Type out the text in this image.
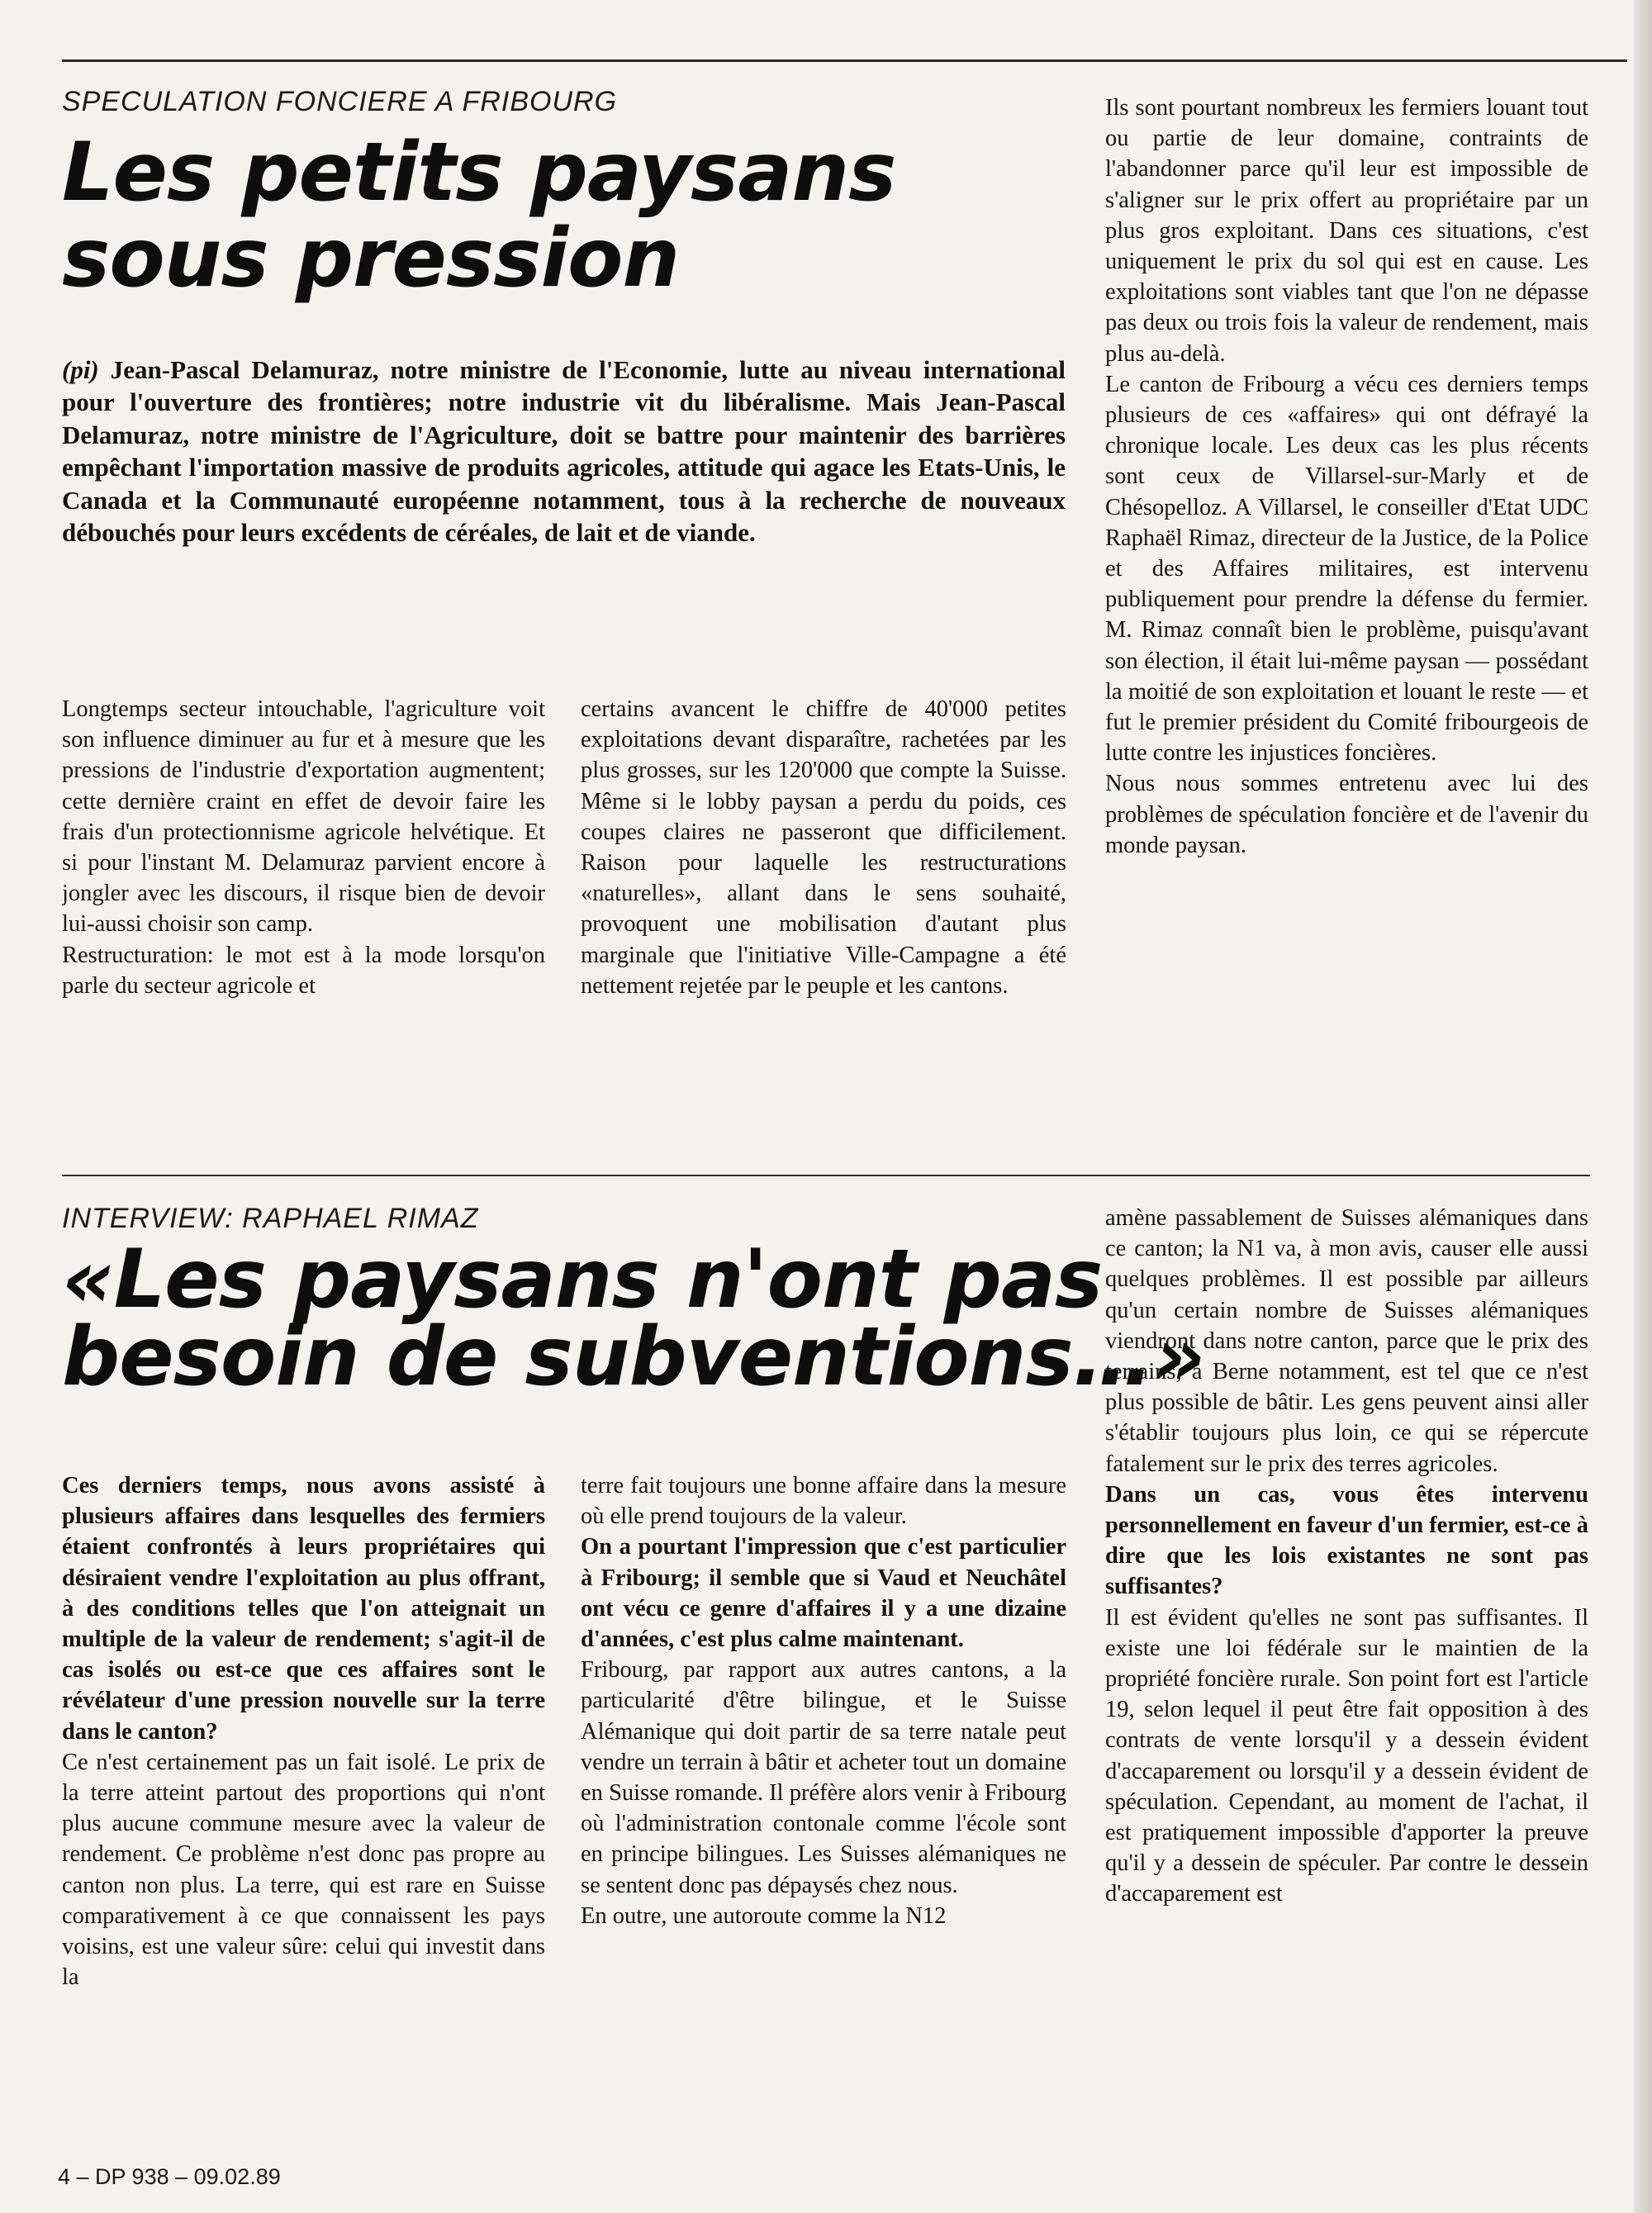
SPECULATION FONCIERE A FRIBOURG
Les petits paysans
sous pression
(pi) Jean-Pascal Delamuraz, notre ministre de l'Economie, lutte au niveau international pour l'ouverture des frontières; notre industrie vit du libéralisme. Mais Jean-Pascal Delamuraz, notre ministre de l'Agriculture, doit se battre pour maintenir des barrières empêchant l'importation massive de produits agricoles, attitude qui agace les Etats-Unis, le Canada et la Communauté européenne notamment, tous à la recherche de nouveaux débouchés pour leurs excédents de céréales, de lait et de viande.

Longtemps secteur intouchable, l'agriculture voit son influence diminuer au fur et à mesure que les pressions de l'industrie d'exportation augmentent; cette dernière craint en effet de devoir faire les frais d'un protectionnisme agricole helvétique. Et si pour l'instant M. Delamuraz parvient encore à jongler avec les discours, il risque bien de devoir lui-aussi choisir son camp.

Restructuration: le mot est à la mode lorsqu'on parle du secteur agricole et

certains avancent le chiffre de 40'000 petites exploitations devant disparaître, rachetées par les plus grosses, sur les 120'000 que compte la Suisse. Même si le lobby paysan a perdu du poids, ces coupes claires ne passeront que difficilement. Raison pour laquelle les restructurations «naturelles», allant dans le sens souhaité, provoquent une mobilisation d'autant plus marginale que l'initiative Ville-Campagne a été nettement rejetée par le peuple et les cantons.

Ils sont pourtant nombreux les fermiers louant tout ou partie de leur domaine, contraints de l'abandonner parce qu'il leur est impossible de s'aligner sur le prix offert au propriétaire par un plus gros exploitant. Dans ces situations, c'est uniquement le prix du sol qui est en cause. Les exploitations sont viables tant que l'on ne dépasse pas deux ou trois fois la valeur de rendement, mais plus au-delà.

Le canton de Fribourg a vécu ces derniers temps plusieurs de ces «affaires» qui ont défrayé la chronique locale. Les deux cas les plus récents sont ceux de Villarsel-sur-Marly et de Chésopelloz. A Villarsel, le conseiller d'Etat UDC Raphaël Rimaz, directeur de la Justice, de la Police et des Affaires militaires, est intervenu publiquement pour prendre la défense du fermier. M. Rimaz connaît bien le problème, puisqu'avant son élection, il était lui-même paysan — possédant la moitié de son exploitation et louant le reste — et fut le premier président du Comité fribourgeois de lutte contre les injustices foncières.

Nous nous sommes entretenu avec lui des problèmes de spéculation foncière et de l'avenir du monde paysan.

INTERVIEW: RAPHAEL RIMAZ
«Les paysans n'ont pas
besoin de subventions…»

Ces derniers temps, nous avons assisté à plusieurs affaires dans lesquelles des fermiers étaient confrontés à leurs propriétaires qui désiraient vendre l'exploitation au plus offrant, à des conditions telles que l'on atteignait un multiple de la valeur de rendement; s'agit-il de cas isolés ou est-ce que ces affaires sont le révélateur d'une pression nouvelle sur la terre dans le canton?

Ce n'est certainement pas un fait isolé. Le prix de la terre atteint partout des proportions qui n'ont plus aucune commune mesure avec la valeur de rendement. Ce problème n'est donc pas propre au canton non plus. La terre, qui est rare en Suisse comparativement à ce que connaissent les pays voisins, est une valeur sûre: celui qui investit dans la

terre fait toujours une bonne affaire dans la mesure où elle prend toujours de la valeur.

On a pourtant l'impression que c'est particulier à Fribourg; il semble que si Vaud et Neuchâtel ont vécu ce genre d'affaires il y a une dizaine d'années, c'est plus calme maintenant.

Fribourg, par rapport aux autres cantons, a la particularité d'être bilingue, et le Suisse Alémanique qui doit partir de sa terre natale peut vendre un terrain à bâtir et acheter tout un domaine en Suisse romande. Il préfère alors venir à Fribourg où l'administration contonale comme l'école sont en principe bilingues. Les Suisses alémaniques ne se sentent donc pas dépaysés chez nous.

En outre, une autoroute comme la N12

amène passablement de Suisses alémaniques dans ce canton; la N1 va, à mon avis, causer elle aussi quelques problèmes. Il est possible par ailleurs qu'un certain nombre de Suisses alémaniques viendront dans notre canton, parce que le prix des terrains, à Berne notamment, est tel que ce n'est plus possible de bâtir. Les gens peuvent ainsi aller s'établir toujours plus loin, ce qui se répercute fatalement sur le prix des terres agricoles.

Dans un cas, vous êtes intervenu personnellement en faveur d'un fermier, est-ce à dire que les lois existantes ne sont pas suffisantes?

Il est évident qu'elles ne sont pas suffisantes. Il existe une loi fédérale sur le maintien de la propriété foncière rurale. Son point fort est l'article 19, selon lequel il peut être fait opposition à des contrats de vente lorsqu'il y a dessein évident d'accaparement ou lorsqu'il y a dessein évident de spéculation. Cependant, au moment de l'achat, il est pratiquement impossible d'apporter la preuve qu'il y a dessein de spéculer. Par contre le dessein d'accaparement est

4 – DP 938 – 09.02.89
